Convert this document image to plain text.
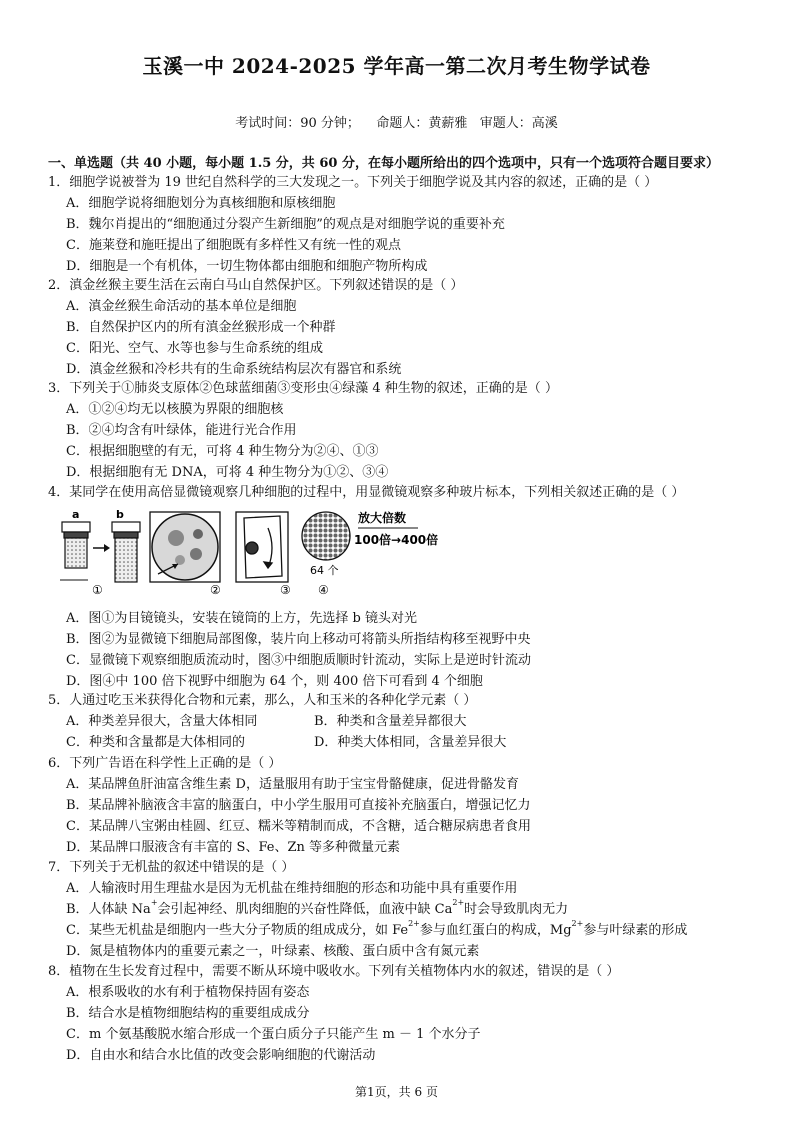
玉溪一中 2024-2025 学年高一第二次月考生物学试卷
考试时间：90 分钟；    命题人：黄薪雅   审题人：高溪
一、单选题（共 40 小题，每小题 1.5 分，共 60 分，在每小题所给出的四个选项中，只有一个选项符合题目要求）
1．细胞学说被誉为 19 世纪自然科学的三大发现之一。下列关于细胞学说及其内容的叙述，正确的是（ ）
A．细胞学说将细胞划分为真核细胞和原核细胞
B．魏尔肖提出的“细胞通过分裂产生新细胞”的观点是对细胞学说的重要补充
C．施莱登和施旺提出了细胞既有多样性又有统一性的观点
D．细胞是一个有机体，一切生物体都由细胞和细胞产物所构成
2．滇金丝猴主要生活在云南白马山自然保护区。下列叙述错误的是（ ）
A．滇金丝猴生命活动的基本单位是细胞
B．自然保护区内的所有滇金丝猴形成一个种群
C．阳光、空气、水等也参与生命系统的组成
D．滇金丝猴和冷杉共有的生命系统结构层次有器官和系统
3．下列关于①肺炎支原体②色球蓝细菌③变形虫④绿藻 4 种生物的叙述，正确的是（ ）
A．①②④均无以核膜为界限的细胞核
B．②④均含有叶绿体，能进行光合作用
C．根据细胞壁的有无，可将 4 种生物分为②④、①③
D．根据细胞有无 DNA，可将 4 种生物分为①②、③④
4．某同学在使用高倍显微镜观察几种细胞的过程中，用显微镜观察多种玻片标本，下列相关叙述正确的是（ ）
a	b
①	②	③
64 个
放大倍数
100倍→400倍
④
A．图①为目镜镜头，安装在镜筒的上方，先选择 b 镜头对光
B．图②为显微镜下细胞局部图像，装片向上移动可将箭头所指结构移至视野中央
C．显微镜下观察细胞质流动时，图③中细胞质顺时针流动，实际上是逆时针流动
D．图④中 100 倍下视野中细胞为 64 个，则 400 倍下可看到 4 个细胞
5．人通过吃玉米获得化合物和元素，那么，人和玉米的各种化学元素（ ）
A．种类差异很大，含量大体相同	B．种类和含量差异都很大
C．种类和含量都是大体相同的	D．种类大体相同，含量差异很大
6．下列广告语在科学性上正确的是（ ）
A．某品牌鱼肝油富含维生素 D，适量服用有助于宝宝骨骼健康，促进骨骼发育
B．某品牌补脑液含丰富的脑蛋白，中小学生服用可直接补充脑蛋白，增强记忆力
C．某品牌八宝粥由桂圆、红豆、糯米等精制而成，不含糖，适合糖尿病患者食用
D．某品牌口服液含有丰富的 S、Fe、Zn 等多种微量元素
7．下列关于无机盐的叙述中错误的是（ ）
A．人输液时用生理盐水是因为无机盐在维持细胞的形态和功能中具有重要作用
B．人体缺 Na+会引起神经、肌肉细胞的兴奋性降低，血液中缺 $Ca^{2+}$时会导致肌肉无力
C．某些无机盐是细胞内一些大分子物质的组成成分，如 $Fe^{2+}$参与血红蛋白的构成，$Mg^{2+}$参与叶绿素的形成
D．氮是植物体内的重要元素之一，叶绿素、核酸、蛋白质中含有氮元素
8．植物在生长发育过程中，需要不断从环境中吸收水。下列有关植物体内水的叙述，错误的是（ ）
A．根系吸收的水有利于植物保持固有姿态
B．结合水是植物细胞结构的重要组成成分
C．m 个氨基酸脱水缩合形成一个蛋白质分子只能产生 m － 1 个水分子
D．自由水和结合水比值的改变会影响细胞的代谢活动
第1页，共 6 页
